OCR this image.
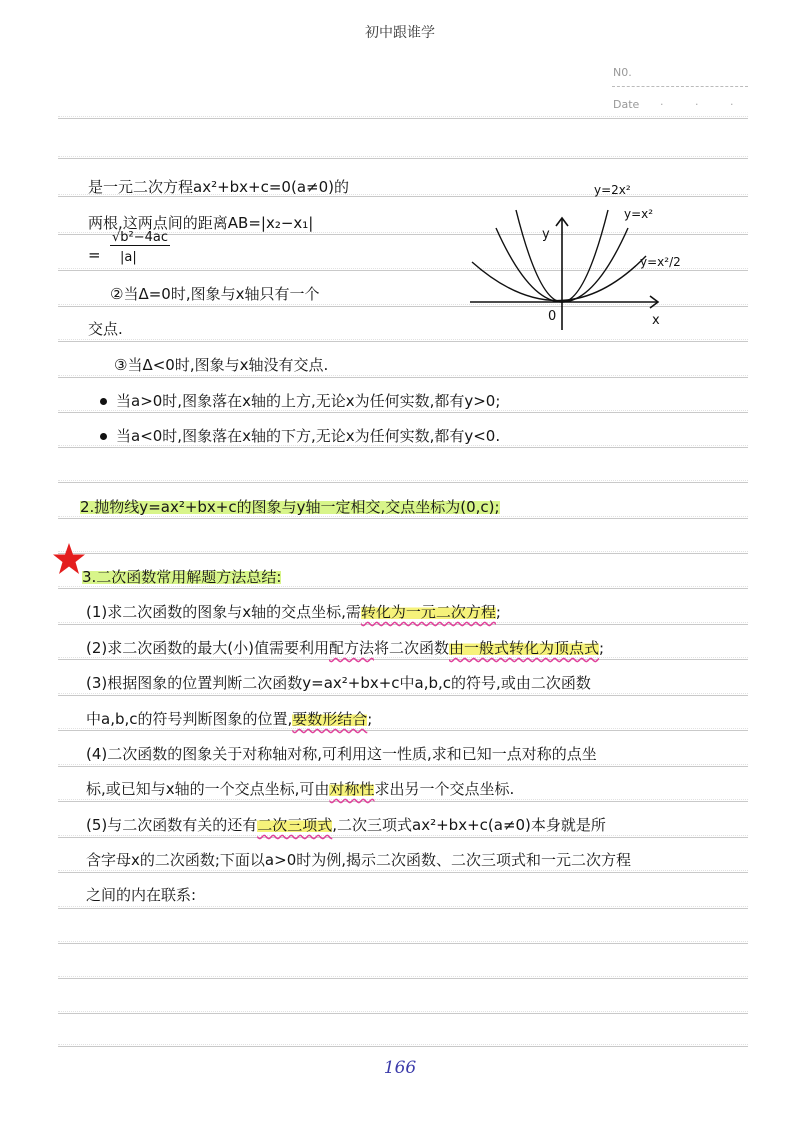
初中跟谁学
N0.
Date · · ·
是一元二次方程ax²+bx+c=0(a≠0)的
两根,这两点间的距离AB=|x₂−x₁|
=
√b²−4ac
|a|
②当Δ=0时,图象与x轴只有一个
交点.
③当Δ<0时,图象与x轴没有交点.
当a>0时,图象落在x轴的上方,无论x为任何实数,都有y>0;
当a<0时,图象落在x轴的下方,无论x为任何实数,都有y<0.
2.抛物线y=ax²+bx+c的图象与y轴一定相交,交点坐标为(0,c);
3.二次函数常用解题方法总结:
(1)求二次函数的图象与x轴的交点坐标,需转化为一元二次方程;
(2)求二次函数的最大(小)值需要利用配方法将二次函数由一般式转化为顶点式;
(3)根据图象的位置判断二次函数y=ax²+bx+c中a,b,c的符号,或由二次函数
中a,b,c的符号判断图象的位置,要数形结合;
(4)二次函数的图象关于对称轴对称,可利用这一性质,求和已知一点对称的点坐
标,或已知与x轴的一个交点坐标,可由对称性求出另一个交点坐标.
(5)与二次函数有关的还有二次三项式,二次三项式ax²+bx+c(a≠0)本身就是所
含字母x的二次函数;下面以a>0时为例,揭示二次函数、二次三项式和一元二次方程
之间的内在联系:
y=2x²
y=x²
y=x²/2
y
x
0
166
